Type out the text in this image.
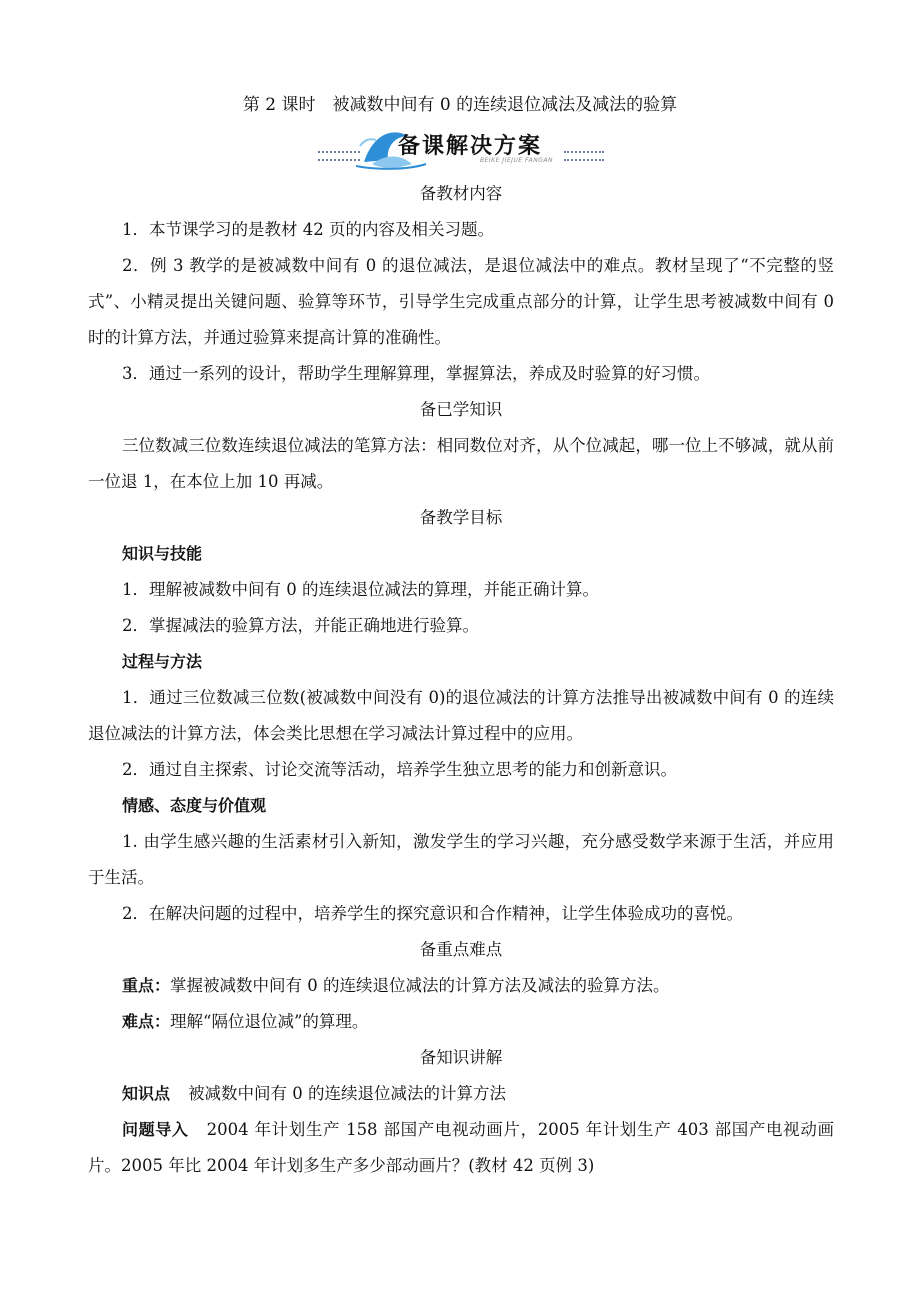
第 2 课时　被减数中间有 0 的连续退位减法及减法的验算
备课解决方案
BEIKE JIEJUE FANGAN
备教材内容
1．本节课学习的是教材 42 页的内容及相关习题。
2．例 3 教学的是被减数中间有 0 的退位减法，是退位减法中的难点。教材呈现了“不完整的竖式”、小精灵提出关键问题、验算等环节，引导学生完成重点部分的计算，让学生思考被减数中间有 0 时的计算方法，并通过验算来提高计算的准确性。
3．通过一系列的设计，帮助学生理解算理，掌握算法，养成及时验算的好习惯。
备已学知识
三位数减三位数连续退位减法的笔算方法：相同数位对齐，从个位减起，哪一位上不够减，就从前一位退 1，在本位上加 10 再减。
备教学目标
知识与技能
1．理解被减数中间有 0 的连续退位减法的算理，并能正确计算。
2．掌握减法的验算方法，并能正确地进行验算。
过程与方法
1．通过三位数减三位数(被减数中间没有 0)的退位减法的计算方法推导出被减数中间有 0 的连续退位减法的计算方法，体会类比思想在学习减法计算过程中的应用。
2．通过自主探索、讨论交流等活动，培养学生独立思考的能力和创新意识。
情感、态度与价值观
1. 由学生感兴趣的生活素材引入新知，激发学生的学习兴趣，充分感受数学来源于生活，并应用于生活。
2．在解决问题的过程中，培养学生的探究意识和合作精神，让学生体验成功的喜悦。
备重点难点
重点：掌握被减数中间有 0 的连续退位减法的计算方法及减法的验算方法。
难点：理解“隔位退位减”的算理。
备知识讲解
知识点 被减数中间有 0 的连续退位减法的计算方法
问题导入 2004 年计划生产 158 部国产电视动画片，2005 年计划生产 403 部国产电视动画片。2005 年比 2004 年计划多生产多少部动画片？(教材 42 页例 3)
